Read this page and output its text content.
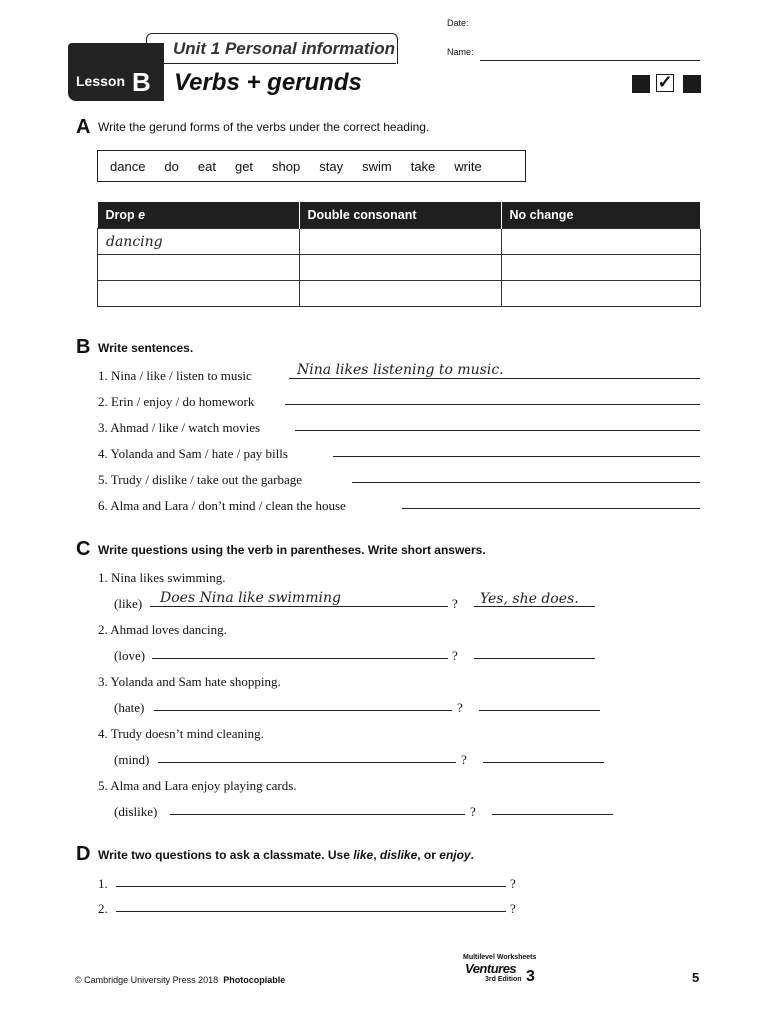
Date:
Name:
Unit 1 Personal information
Lesson B Verbs + gerunds	✓
A Write the gerund forms of the verbs under the correct heading.
dance do eat get shop stay swim take write
Drop e	Double consonant	No change
dancing		

B Write sentences.
1. Nina / like / listen to music	Nina likes listening to music.
2. Erin / enjoy / do homework
3. Ahmad / like / watch movies
4. Yolanda and Sam / hate / pay bills
5. Trudy / dislike / take out the garbage
6. Alma and Lara / don’t mind / clean the house
C Write questions using the verb in parentheses. Write short answers.
1. Nina likes swimming.
(like) Does Nina like swimming	? Yes, she does.
2. Ahmad loves dancing.
(love)	?
3. Yolanda and Sam hate shopping.
(hate)	?
4. Trudy doesn’t mind cleaning.
(mind)	?
5. Alma and Lara enjoy playing cards.
(dislike)	?
D Write two questions to ask a classmate. Use like, dislike, or enjoy.
1.	?
2.	?
© Cambridge University Press 2018 Photocopiable
Multilevel Worksheets
Ventures
3rd Edition 3	5
